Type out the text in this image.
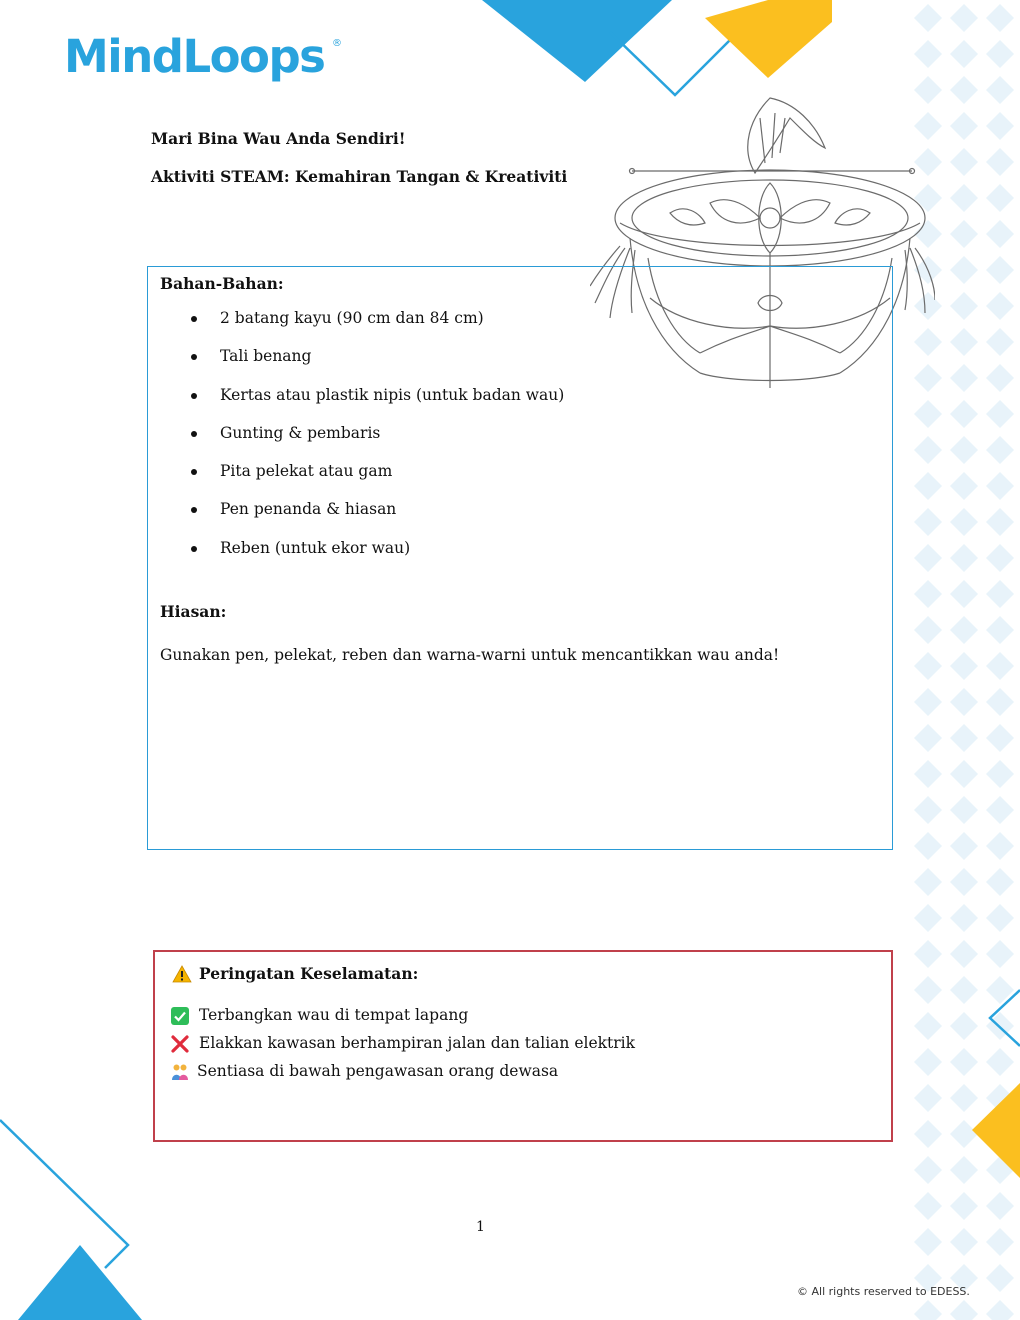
MindLoops ®
Mari Bina Wau Anda Sendiri!
Aktiviti STEAM: Kemahiran Tangan & Kreativiti
Bahan-Bahan:
2 batang kayu (90 cm dan 84 cm)
Tali benang
Kertas atau plastik nipis (untuk badan wau)
Gunting & pembaris
Pita pelekat atau gam
Pen penanda & hiasan
Reben (untuk ekor wau)
Hiasan:
Gunakan pen, pelekat, reben dan warna-warni untuk mencantikkan wau anda!
Peringatan Keselamatan:
Terbangkan wau di tempat lapang
Elakkan kawasan berhampiran jalan dan talian elektrik
Sentiasa di bawah pengawasan orang dewasa
1
© All rights reserved to EDESS.
